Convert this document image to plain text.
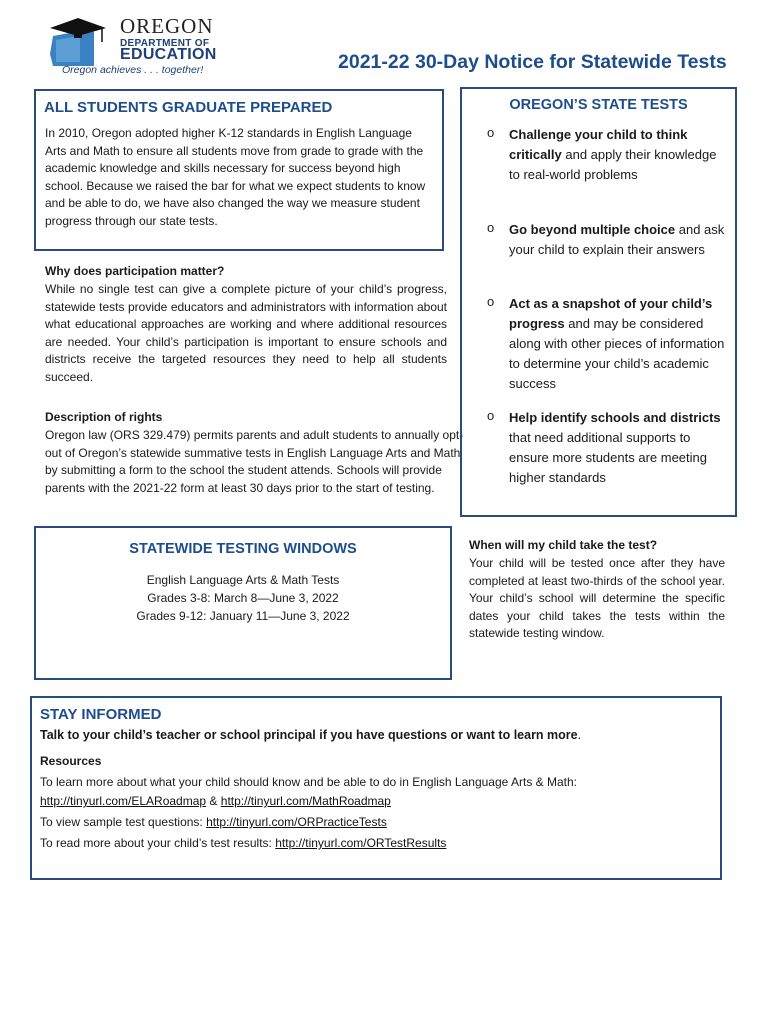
OREGON
DEPARTMENT OF
EDUCATION
Oregon achieves . . . together!	2021-22 30-Day Notice for Statewide Tests
ALL STUDENTS GRADUATE PREPARED

In 2010, Oregon adopted higher K-12 standards in English Language Arts and Math to ensure all students move from grade to grade with the academic knowledge and skills necessary for success beyond high school. Because we raised the bar for what we expect students to know and be able to do, we have also changed the way we measure student progress through our state tests.

Why does participation matter?

While no single test can give a complete picture of your child’s progress, statewide tests provide educators and administrators with information about what educational approaches are working and where additional resources are needed. Your child’s participation is important to ensure schools and districts receive the targeted resources they need to help all students succeed.

Description of rights

Oregon law (ORS 329.479) permits parents and adult students to annually opt-out of Oregon’s statewide summative tests in English Language Arts and Math by submitting a form to the school the student attends. Schools will provide parents with the 2021-22 form at least 30 days prior to the start of testing.

OREGON’S STATE TESTS
o Challenge your child to think critically and apply their knowledge to real-world problems
o Go beyond multiple choice and ask your child to explain their answers
o Act as a snapshot of your child’s progress and may be considered along with other pieces of information to determine your child’s academic success
o Help identify schools and districts that need additional supports to ensure more students are meeting higher standards
STATEWIDE TESTING WINDOWS
English Language Arts & Math Tests
Grades 3-8: March 8—June 3, 2022
Grades 9-12: January 11—June 3, 2022
When will my child take the test?

Your child will be tested once after they have completed at least two-thirds of the school year. Your child’s school will determine the specific dates your child takes the tests within the statewide testing window.

STAY INFORMED
Talk to your child’s teacher or school principal if you have questions or want to learn more.
Resources
To learn more about what your child should know and be able to do in English Language Arts & Math:
http://tinyurl.com/ELARoadmap & http://tinyurl.com/MathRoadmap
To view sample test questions: http://tinyurl.com/ORPracticeTests
To read more about your child’s test results: http://tinyurl.com/ORTestResults
